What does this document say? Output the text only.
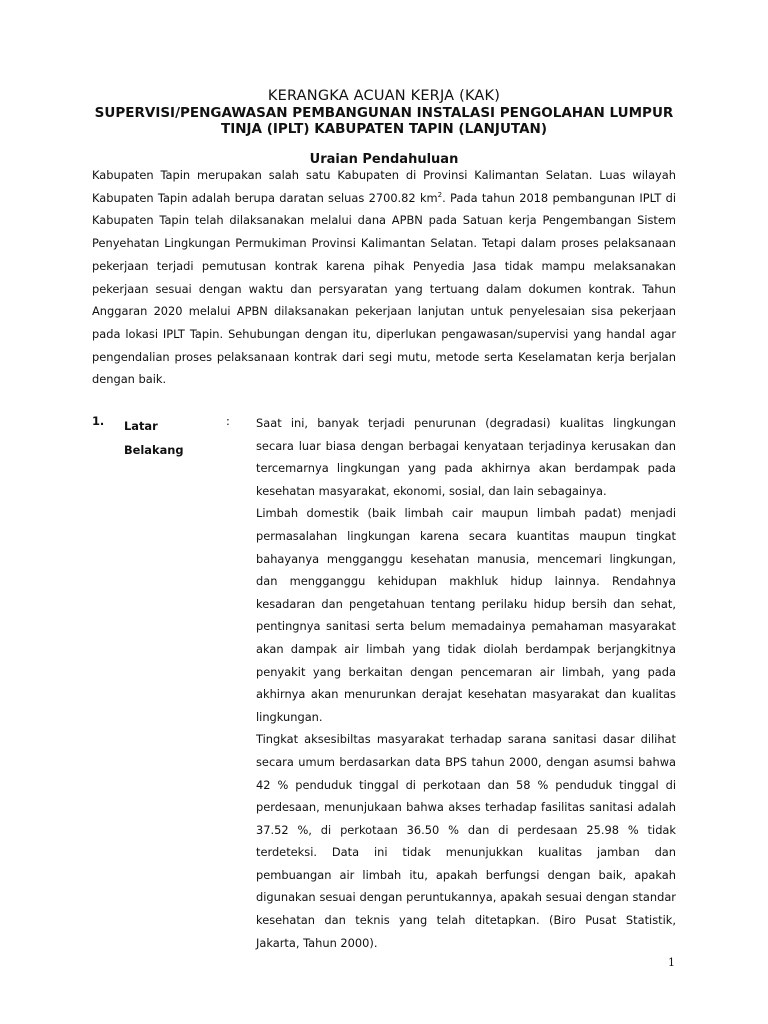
KERANGKA ACUAN KERJA (KAK)
SUPERVISI/PENGAWASAN PEMBANGUNAN INSTALASI PENGOLAHAN LUMPUR
TINJA (IPLT) KABUPATEN TAPIN (LANJUTAN)
Uraian Pendahuluan

Kabupaten Tapin merupakan salah satu Kabupaten di Provinsi Kalimantan Selatan. Luas wilayah Kabupaten Tapin adalah berupa daratan seluas 2700.82 $km^2$. Pada tahun 2018 pembangunan IPLT di Kabupaten Tapin telah dilaksanakan melalui dana APBN pada Satuan kerja Pengembangan Sistem Penyehatan Lingkungan Permukiman Provinsi Kalimantan Selatan. Tetapi dalam proses pelaksanaan pekerjaan terjadi pemutusan kontrak karena pihak Penyedia Jasa tidak mampu melaksanakan pekerjaan sesuai dengan waktu dan persyaratan yang tertuang dalam dokumen kontrak. Tahun Anggaran 2020 melalui APBN dilaksanakan pekerjaan lanjutan untuk penyelesaian sisa pekerjaan pada lokasi IPLT Tapin. Sehubungan dengan itu, diperlukan pengawasan/supervisi yang handal agar pengendalian proses pelaksanaan kontrak dari segi mutu, metode serta Keselamatan kerja berjalan dengan baik.

1. Latar
Belakang
: Saat ini, banyak terjadi penurunan (degradasi) kualitas lingkungan secara luar biasa dengan berbagai kenyataan terjadinya kerusakan dan tercemarnya lingkungan yang pada akhirnya akan berdampak pada kesehatan masyarakat, ekonomi, sosial, dan lain sebagainya.

Limbah domestik (baik limbah cair maupun limbah padat) menjadi permasalahan lingkungan karena secara kuantitas maupun tingkat bahayanya mengganggu kesehatan manusia, mencemari lingkungan, dan mengganggu kehidupan makhluk hidup lainnya. Rendahnya kesadaran dan pengetahuan tentang perilaku hidup bersih dan sehat, pentingnya sanitasi serta belum memadainya pemahaman masyarakat akan dampak air limbah yang tidak diolah berdampak berjangkitnya penyakit yang berkaitan dengan pencemaran air limbah, yang pada akhirnya akan menurunkan derajat kesehatan masyarakat dan kualitas lingkungan.

Tingkat aksesibiltas masyarakat terhadap sarana sanitasi dasar dilihat secara umum berdasarkan data BPS tahun 2000, dengan asumsi bahwa 42 % penduduk tinggal di perkotaan dan 58 % penduduk tinggal di perdesaan, menunjukaan bahwa akses terhadap fasilitas sanitasi adalah 37.52 %, di perkotaan 36.50 % dan di perdesaan 25.98 % tidak terdeteksi. Data ini tidak menunjukkan kualitas jamban dan pembuangan air limbah itu, apakah berfungsi dengan baik, apakah digunakan sesuai dengan peruntukannya, apakah sesuai dengan standar kesehatan dan teknis yang telah ditetapkan. (Biro Pusat Statistik, Jakarta, Tahun 2000).

1
